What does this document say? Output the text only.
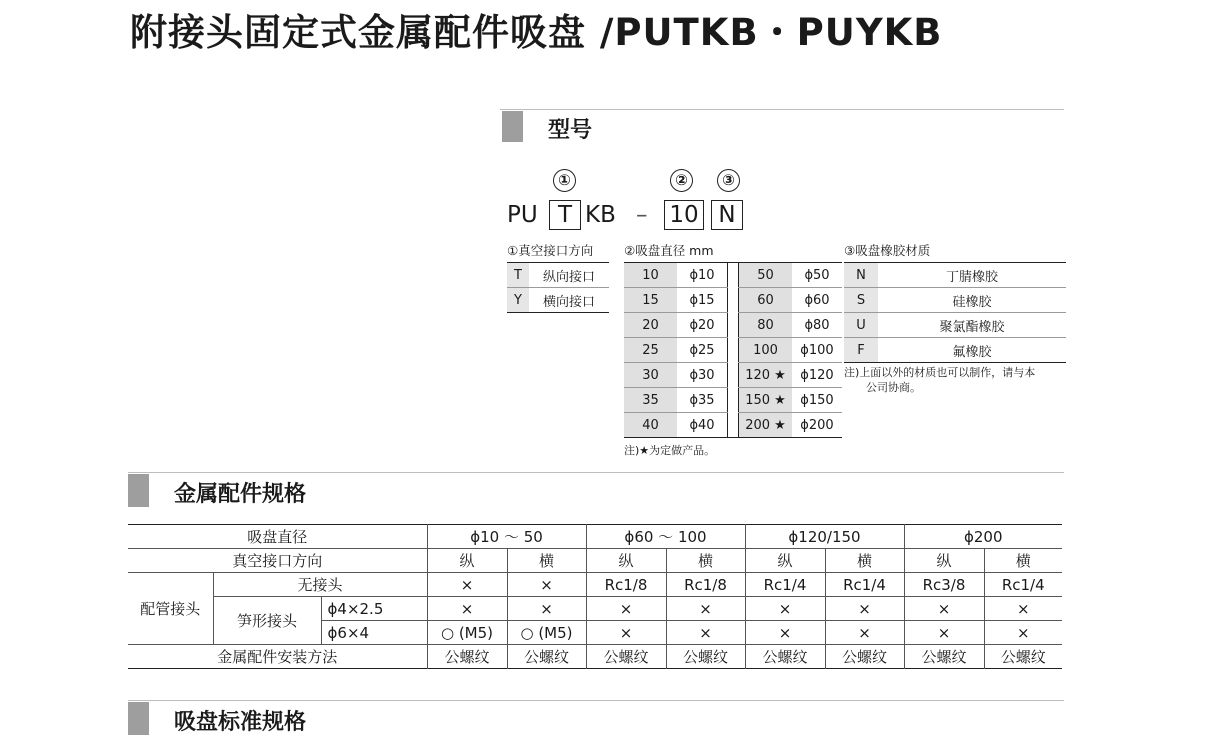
附接头固定式金属配件吸盘 /PUTKB・PUYKB
型号
①	②	③
PU T KB – 10 N
①真空接口方向
T	纵向接口
Y	横向接口
②吸盘直径 mm
10	ϕ10		50	ϕ50
15	ϕ15		60	ϕ60
20	ϕ20		80	ϕ80
25	ϕ25		100	ϕ100
30	ϕ30		120 ★	ϕ120
35	ϕ35		150 ★	ϕ150
40	ϕ40		200 ★	ϕ200
注)★为定做产品。
③吸盘橡胶材质
N	丁腈橡胶
S	硅橡胶
U	聚氯酯橡胶
F	氟橡胶
注)上面以外的材质也可以制作，请与本
公司协商。
金属配件规格
吸盘直径			ϕ10 ～ 50		ϕ60 ～ 100		ϕ120/150		ϕ200	
真空接口方向			纵	横	纵	横	纵	横	纵	横
配管接头	无接头		×	×	Rc1/8	Rc1/8	Rc1/4	Rc1/4	Rc3/8	Rc1/4
	笋形接头	ϕ4×2.5	×	×	×	×	×	×	×	×
		ϕ6×4	○ (M5)	○ (M5)	×	×	×	×	×	×
金属配件安装方法			公螺纹	公螺纹	公螺纹	公螺纹	公螺纹	公螺纹	公螺纹	公螺纹
吸盘标准规格
